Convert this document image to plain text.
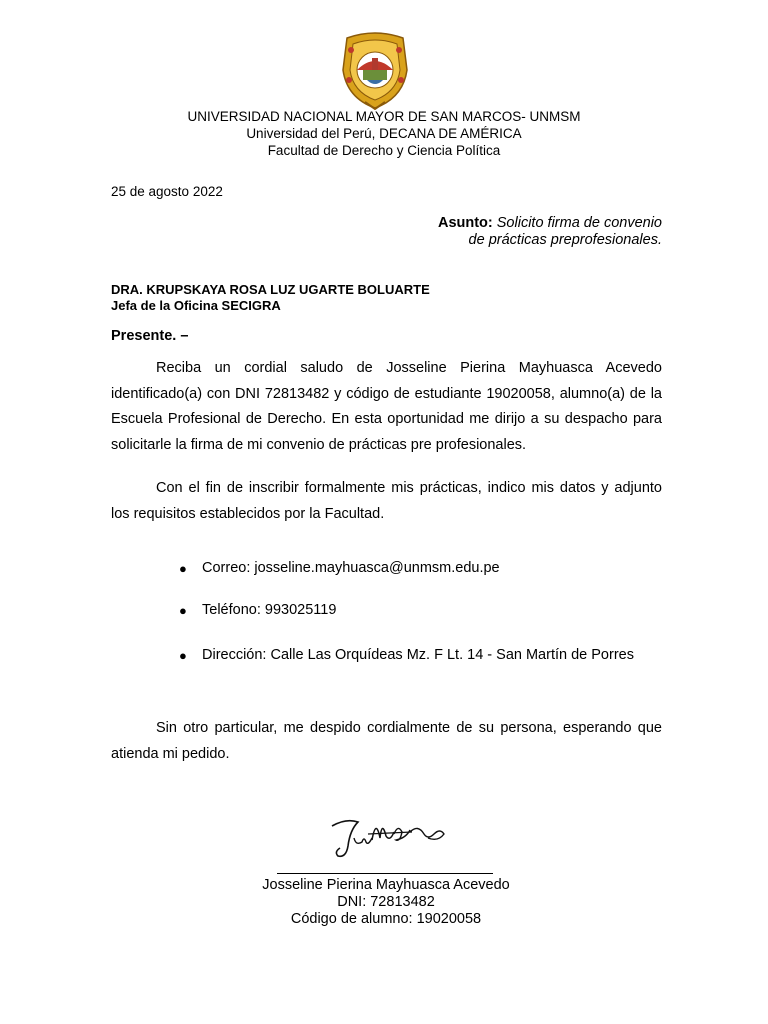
UNIVERSIDAD NACIONAL MAYOR DE SAN MARCOS- UNMSM
Universidad del Perú, DECANA DE AMÉRICA
Facultad de Derecho y Ciencia Política
25 de agosto 2022
Asunto: Solicito firma de convenio
de prácticas preprofesionales.
DRA. KRUPSKAYA ROSA LUZ UGARTE BOLUARTE
Jefa de la Oficina SECIGRA
Presente. –
Reciba un cordial saludo de Josseline Pierina Mayhuasca Acevedo identificado(a) con DNI 72813482 y código de estudiante 19020058, alumno(a) de la Escuela Profesional de Derecho. En esta oportunidad me dirijo a su despacho para solicitarle la firma de mi convenio de prácticas pre profesionales.
Con el fin de inscribir formalmente mis prácticas, indico mis datos y adjunto los requisitos establecidos por la Facultad.
● Correo: josseline.mayhuasca@unmsm.edu.pe
● Teléfono: 993025119
● Dirección: Calle Las Orquídeas Mz. F Lt. 14 - San Martín de Porres
Sin otro particular, me despido cordialmente de su persona, esperando que atienda mi pedido.
Josseline Pierina Mayhuasca Acevedo
DNI: 72813482
Código de alumno: 19020058
